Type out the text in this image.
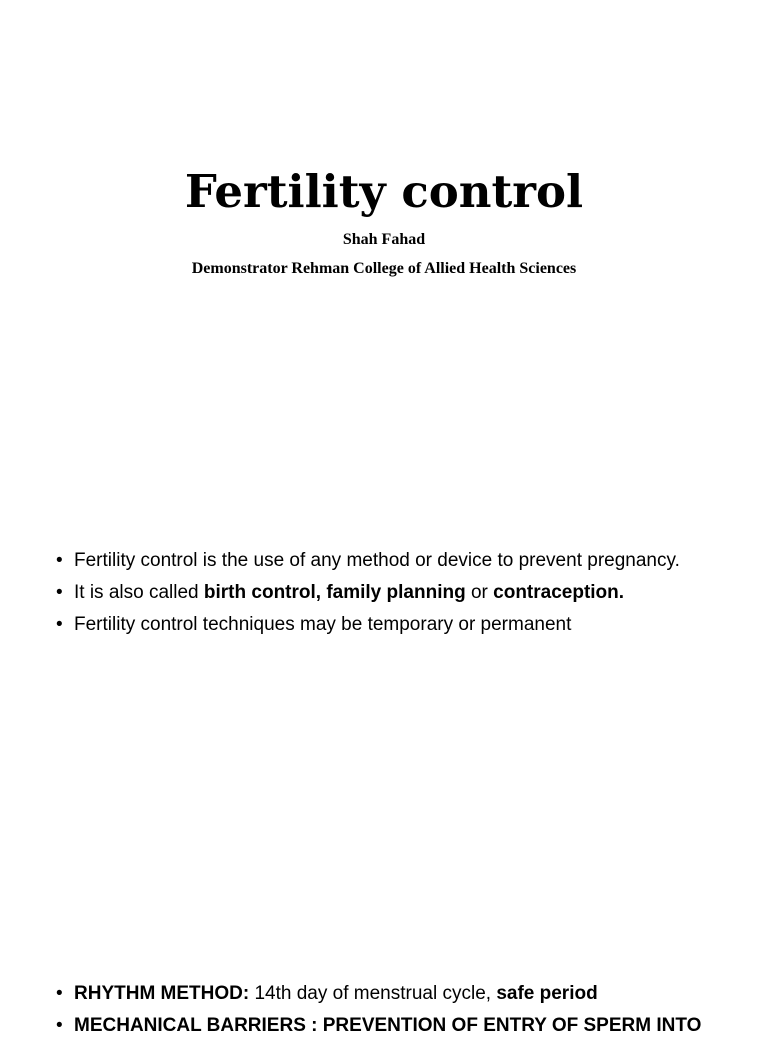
Fertility control
Shah Fahad
Demonstrator Rehman College of Allied Health Sciences
• Fertility control is the use of any method or device to prevent pregnancy.
• It is also called birth control, family planning or contraception.
• Fertility control techniques may be temporary or permanent
• RHYTHM METHOD: 14th day of menstrual cycle, safe period
• MECHANICAL BARRIERS : PREVENTION OF ENTRY OF SPERM INTO
